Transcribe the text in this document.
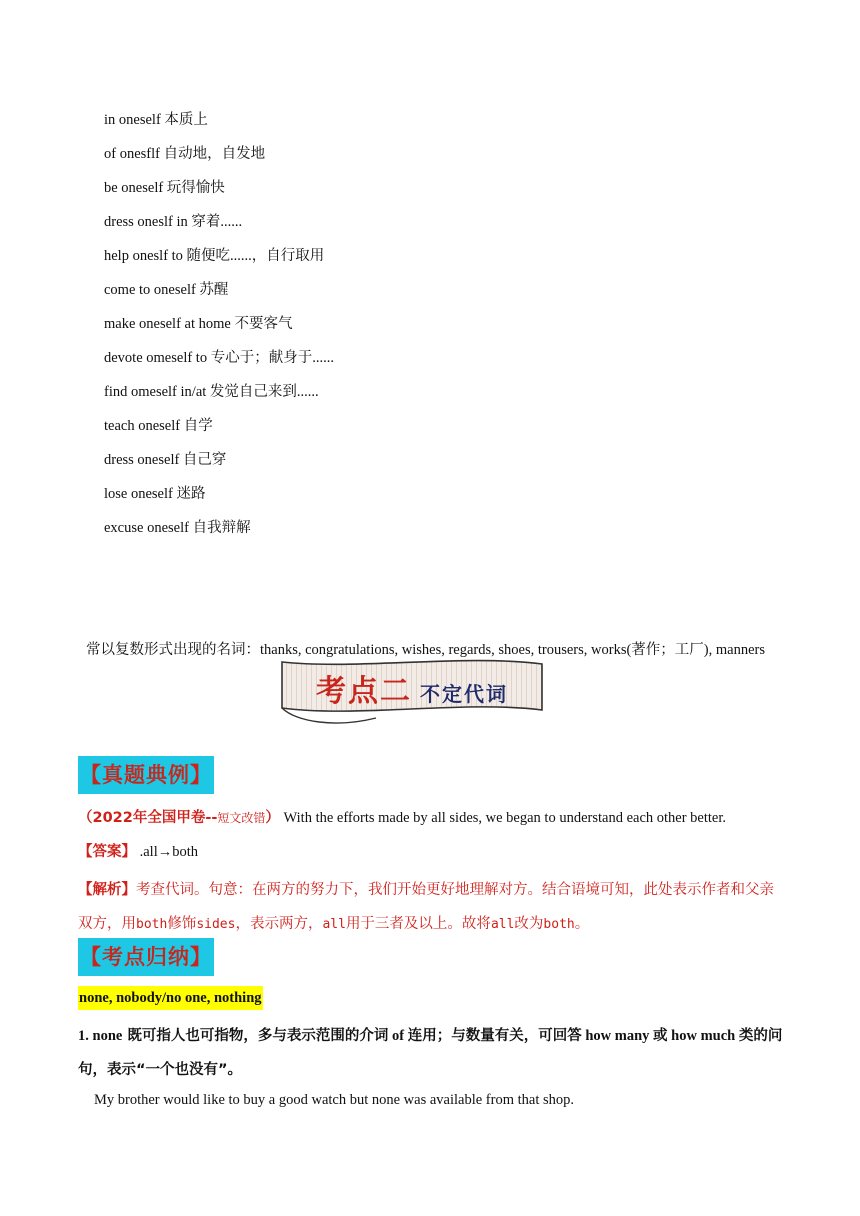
in oneself 本质上
of onesflf 自动地，自发地
be oneself 玩得愉快
dress oneslf in 穿着......
help oneslf to 随便吃......，自行取用
come to oneself 苏醒
make oneself at home 不要客气
devote omeself to 专心于；献身于......
find omeself in/at 发觉自己来到......
teach oneself 自学
dress oneself 自己穿
lose oneself 迷路
excuse oneself 自我辩解
常以复数形式出现的名词：thanks, congratulations, wishes, regards, shoes, trousers, works(著作；工厂), manners
考点二 不定代词
【真题典例】
（2022年全国甲卷--短文改错） With the efforts made by all sides, we began to understand each other better.
【答案】 .all→both

【解析】考查代词。句意：在两方的努力下，我们开始更好地理解对方。结合语境可知，此处表示作者和父亲双方，用both修饰sides，表示两方，all用于三者及以上。故将all改为both。

【考点归纳】
none, nobody/no one, nothing

1. none 既可指人也可指物，多与表示范围的介词 of 连用；与数量有关，可回答 how many 或 how much 类的问句，表示“一个也没有”。

My brother would like to buy a good watch but none was available from that shop.
